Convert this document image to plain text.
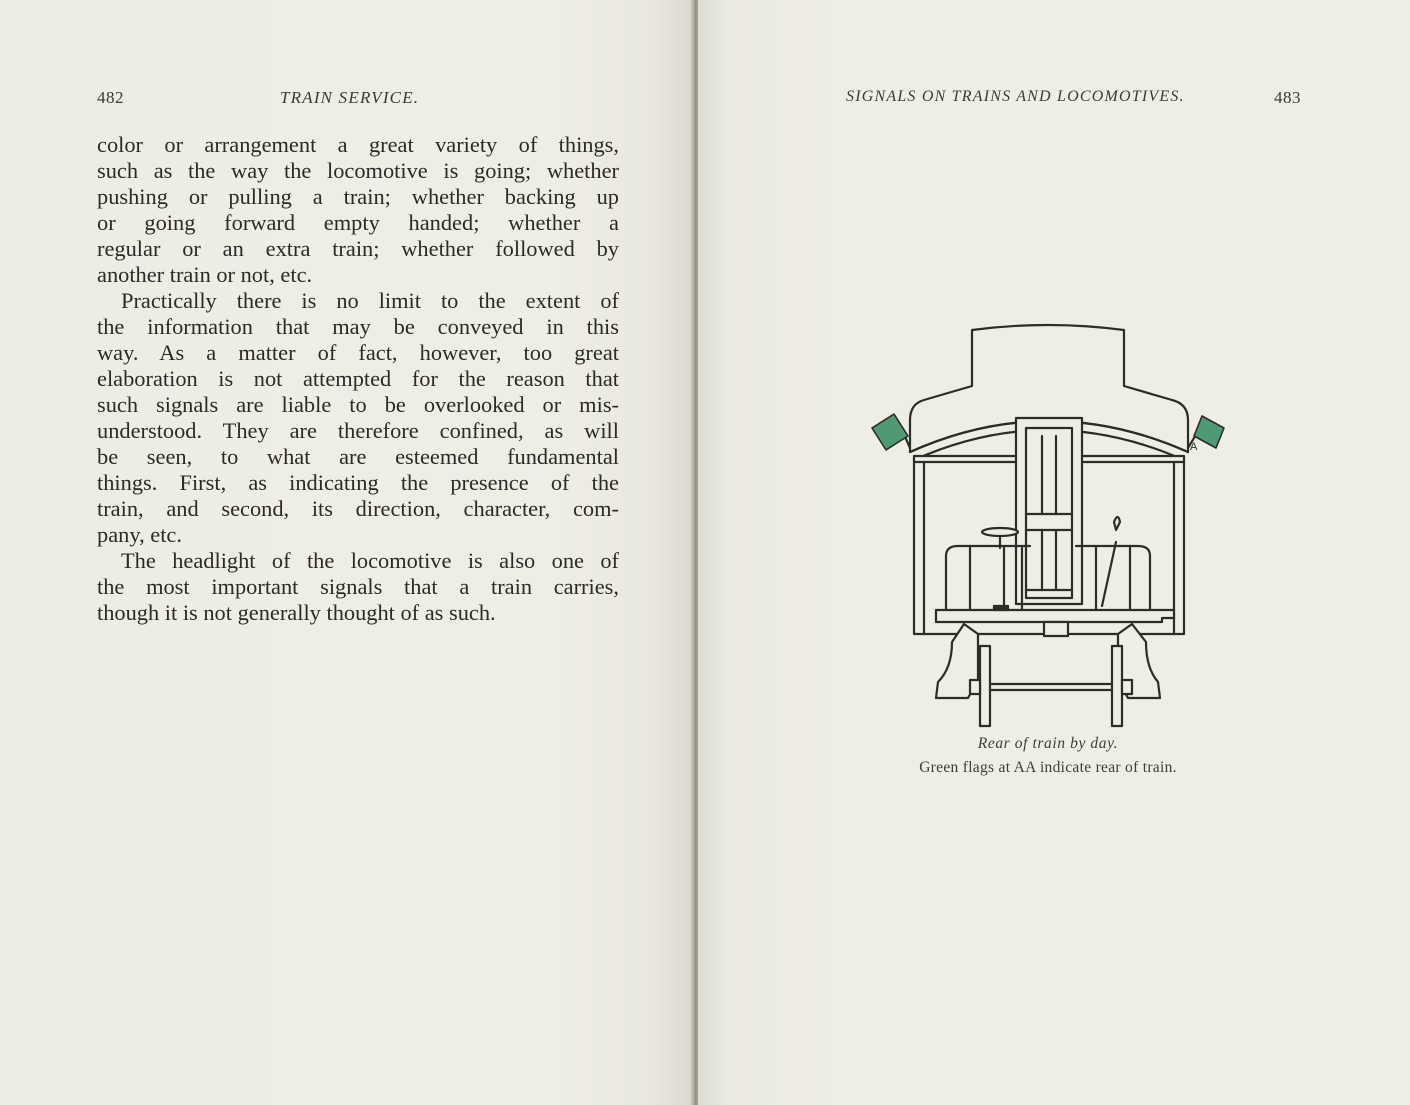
482	TRAIN SERVICE.

color or arrangement a great variety of things,
such as the way the locomotive is going; whether
pushing or pulling a train; whether backing up
or going forward empty handed; whether a
regular or an extra train; whether followed by
another train or not, etc.

Practically there is no limit to the extent of
the information that may be conveyed in this
way. As a matter of fact, however, too great
elaboration is not attempted for the reason that
such signals are liable to be overlooked or mis-
understood. They are therefore confined, as will
be seen, to what are esteemed fundamental
things. First, as indicating the presence of the
train, and second, its direction, character, com-
pany, etc.

The headlight of the locomotive is also one of
the most important signals that a train carries,
though it is not generally thought of as such.

SIGNALS ON TRAINS AND LOCOMOTIVES.	483
A
Rear of train by day.
Green flags at AA indicate rear of train.
